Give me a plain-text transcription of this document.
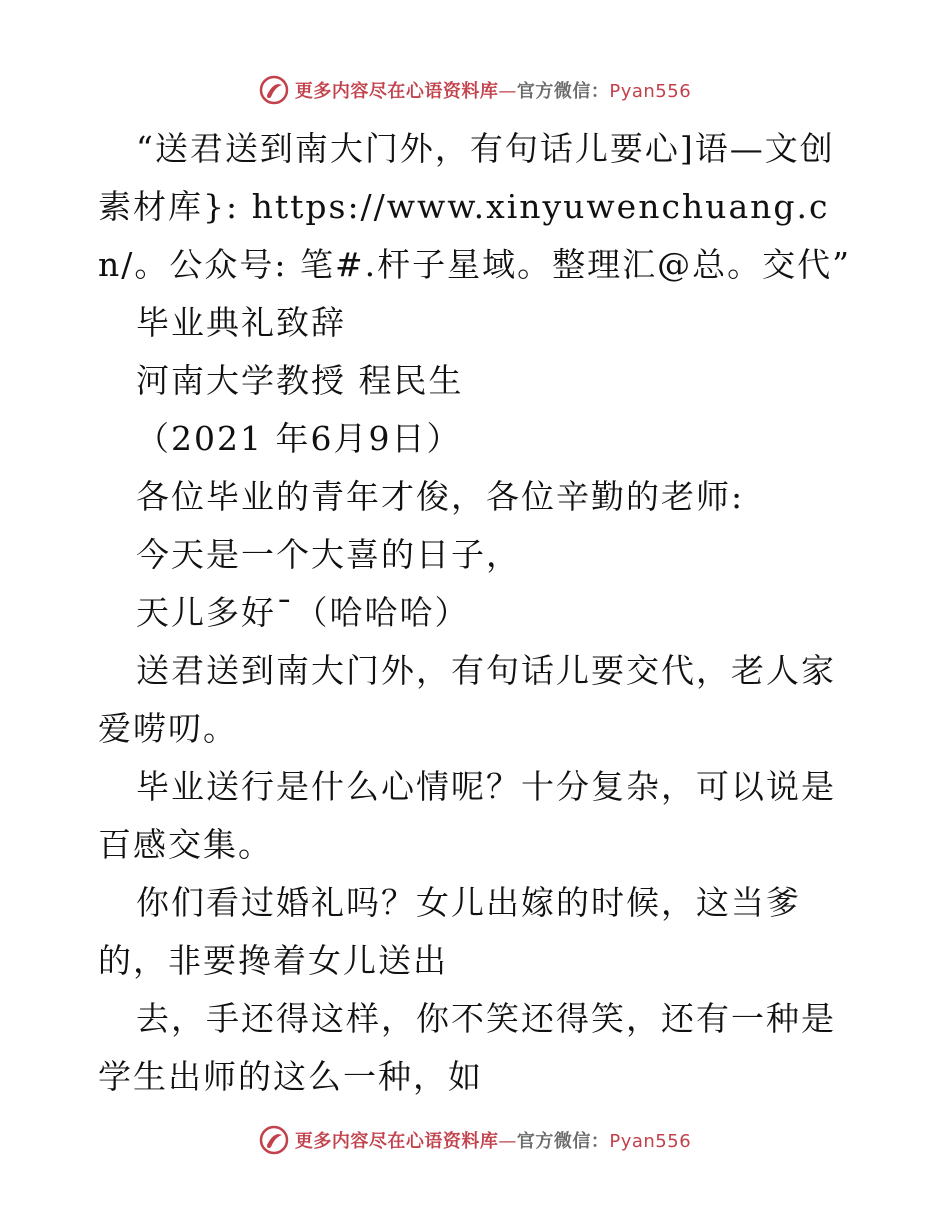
更多内容尽在心语资料库—官方微信：Pyan556

“送君送到南大门外，有句话儿要心]语—文创素材库}: https://www.xinyuwenchuang.cn/。公众号: 笔#.杆子星域。整理汇@总。交代”

毕业典礼致辞

河南大学教授 程民生

（2021 年6月9日）

各位毕业的青年才俊，各位辛勤的老师:

今天是一个大喜的日子，

天儿多好¯（哈哈哈）

送君送到南大门外，有句话儿要交代，老人家爱唠叨。

毕业送行是什么心情呢？十分复杂，可以说是百感交集。

你们看过婚礼吗？女儿出嫁的时候，这当爹的，非要搀着女儿送出

去，手还得这样，你不笑还得笑，还有一种是学生出师的这么一种，如

更多内容尽在心语资料库—官方微信：Pyan556
